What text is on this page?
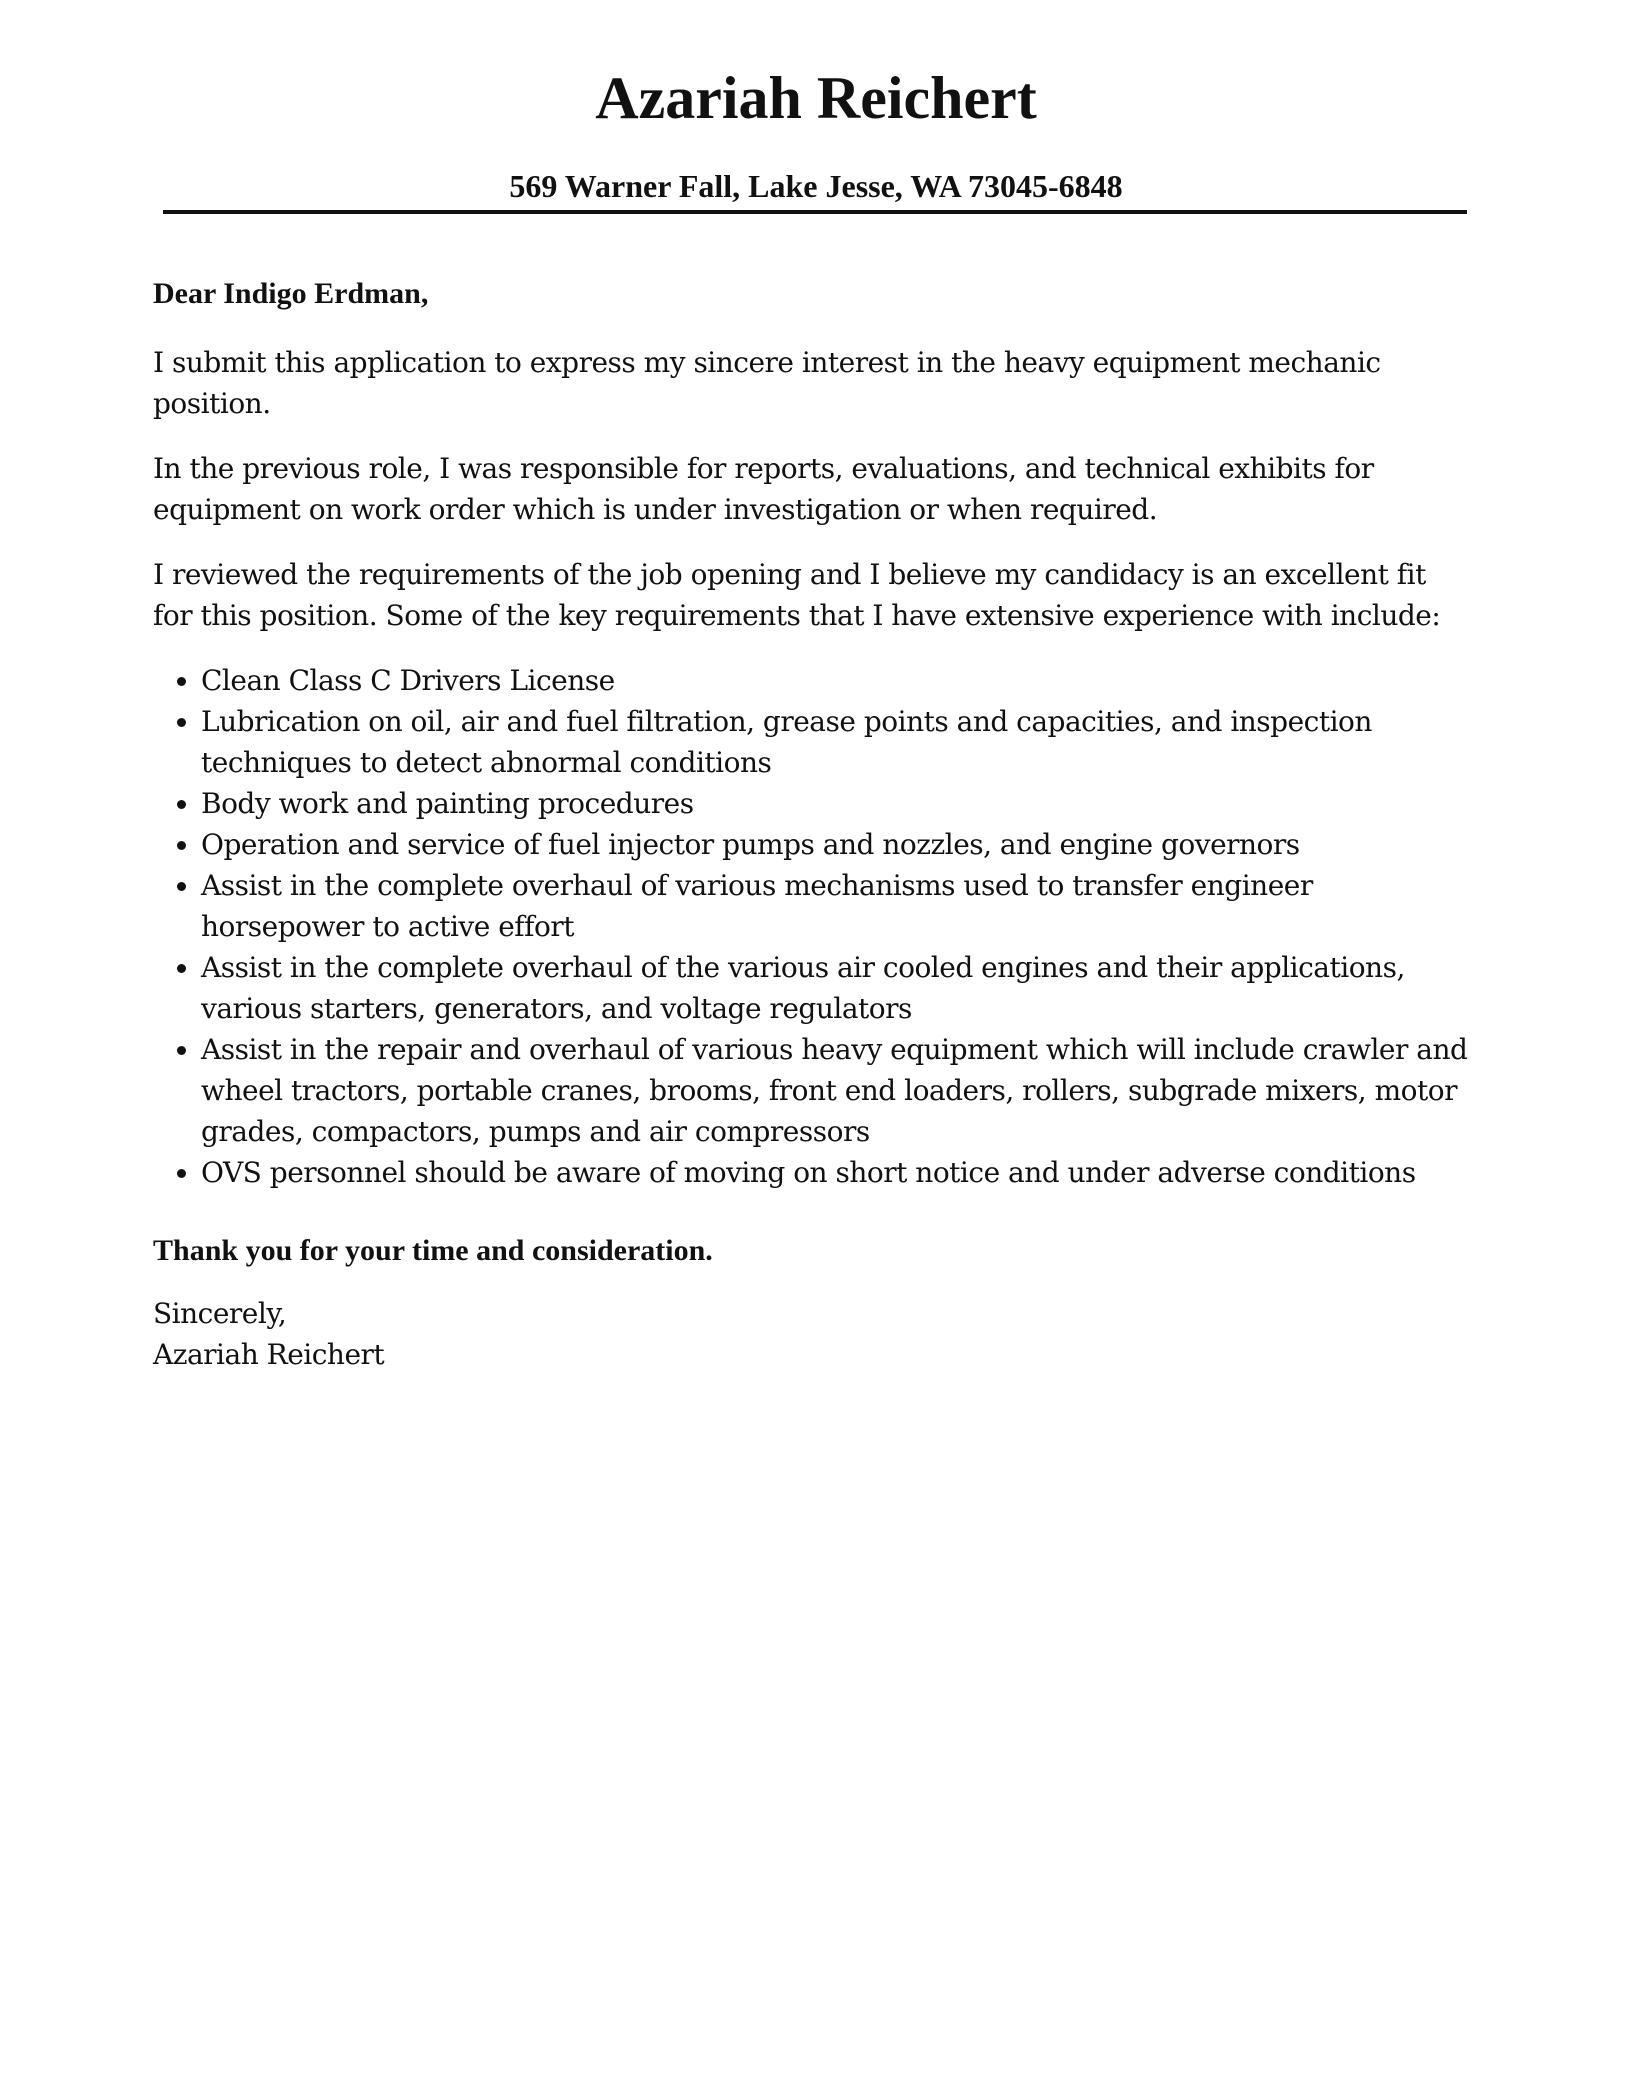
Azariah Reichert

569 Warner Fall, Lake Jesse, WA 73045-6848

Dear Indigo Erdman,

I submit this application to express my sincere interest in the heavy equipment mechanic position.

In the previous role, I was responsible for reports, evaluations, and technical exhibits for equipment on work order which is under investigation or when required.

I reviewed the requirements of the job opening and I believe my candidacy is an excellent fit for this position. Some of the key requirements that I have extensive experience with include:

• Clean Class C Drivers License
• Lubrication on oil, air and fuel filtration, grease points and capacities, and inspection techniques to detect abnormal conditions
• Body work and painting procedures
• Operation and service of fuel injector pumps and nozzles, and engine governors
• Assist in the complete overhaul of various mechanisms used to transfer engineer horsepower to active effort
• Assist in the complete overhaul of the various air cooled engines and their applications, various starters, generators, and voltage regulators
• Assist in the repair and overhaul of various heavy equipment which will include crawler and wheel tractors, portable cranes, brooms, front end loaders, rollers, subgrade mixers, motor grades, compactors, pumps and air compressors
• OVS personnel should be aware of moving on short notice and under adverse conditions

Thank you for your time and consideration.

Sincerely,

Azariah Reichert
